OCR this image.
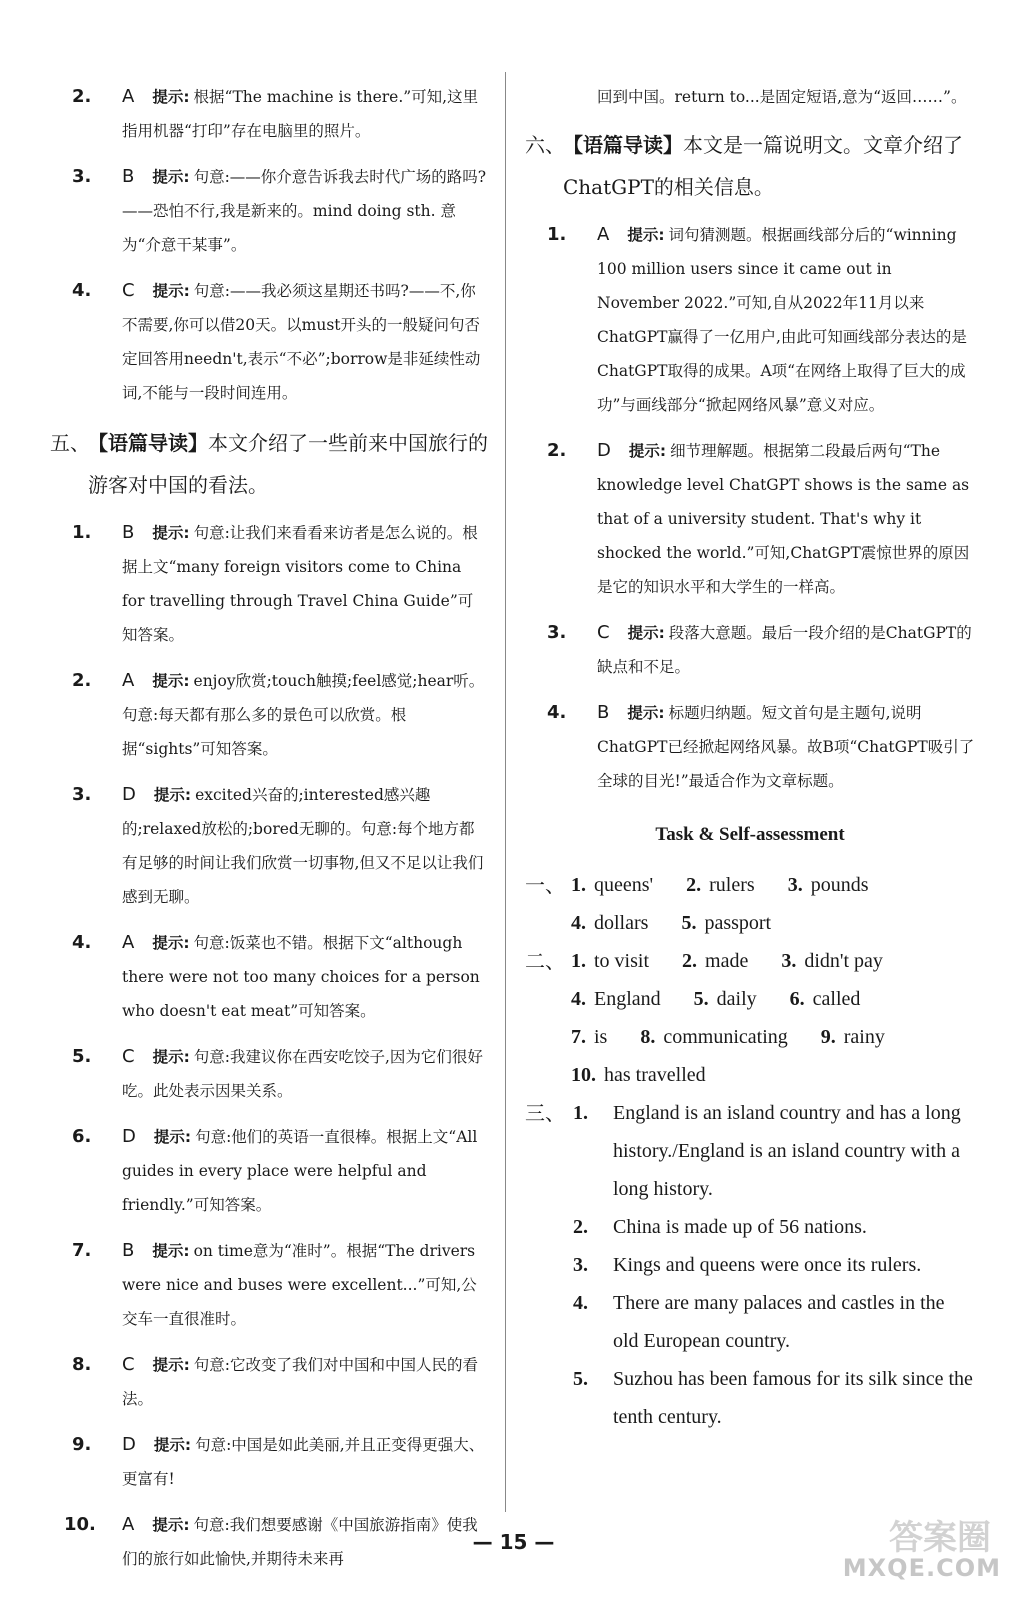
2. A 提示: 根据“The machine is there.”可知,这里指用机器“打印”存在电脑里的照片。
3. B 提示: 句意:——你介意告诉我去时代广场的路吗?——恐怕不行,我是新来的。mind doing sth. 意为“介意干某事”。
4. C 提示: 句意:——我必须这星期还书吗?——不,你不需要,你可以借20天。以must开头的一般疑问句否定回答用needn't,表示“不必”;borrow是非延续性动词,不能与一段时间连用。
五、
【语篇导读】本文介绍了一些前来中国旅行的游客对中国的看法。
1. B 提示: 句意:让我们来看看来访者是怎么说的。根据上文“many foreign visitors come to China for travelling through Travel China Guide”可知答案。
2. A 提示: enjoy欣赏;touch触摸;feel感觉;hear听。句意:每天都有那么多的景色可以欣赏。根据“sights”可知答案。
3. D 提示: excited兴奋的;interested感兴趣的;relaxed放松的;bored无聊的。句意:每个地方都有足够的时间让我们欣赏一切事物,但又不足以让我们感到无聊。
4. A 提示: 句意:饭菜也不错。根据下文“although there were not too many choices for a person who doesn't eat meat”可知答案。
5. C 提示: 句意:我建议你在西安吃饺子,因为它们很好吃。此处表示因果关系。
6. D 提示: 句意:他们的英语一直很棒。根据上文“All guides in every place were helpful and friendly.”可知答案。
7. B 提示: on time意为“准时”。根据“The drivers were nice and buses were excellent...”可知,公交车一直很准时。
8. C 提示: 句意:它改变了我们对中国和中国人民的看法。
9. D 提示: 句意:中国是如此美丽,并且正变得更强大、更富有!
10. A 提示: 句意:我们想要感谢《中国旅游指南》使我们的旅行如此愉快,并期待未来再
回到中国。return to...是固定短语,意为“返回……”。
六、
【语篇导读】本文是一篇说明文。文章介绍了ChatGPT的相关信息。
1. A 提示: 词句猜测题。根据画线部分后的“winning 100 million users since it came out in November 2022.”可知,自从2022年11月以来ChatGPT赢得了一亿用户,由此可知画线部分表达的是ChatGPT取得的成果。A项“在网络上取得了巨大的成功”与画线部分“掀起网络风暴”意义对应。
2. D 提示: 细节理解题。根据第二段最后两句“The knowledge level ChatGPT shows is the same as that of a university student. That's why it shocked the world.”可知,ChatGPT震惊世界的原因是它的知识水平和大学生的一样高。
3. C 提示: 段落大意题。最后一段介绍的是ChatGPT的缺点和不足。
4. B 提示: 标题归纳题。短文首句是主题句,说明ChatGPT已经掀起网络风暴。故B项“ChatGPT吸引了全球的目光!”最适合作为文章标题。
Task & Self-assessment
一、 1. queens' 2. rulers 3. pounds
4. dollars 5. passport
二、 1. to visit 2. made 3. didn't pay
4. England 5. daily 6. called
7. is 8. communicating 9. rainy
10. has travelled
三、 1. England is an island country and has a long history./England is an island country with a long history.
2. China is made up of 56 nations.
3. Kings and queens were once its rulers.
4. There are many palaces and castles in the old European country.
5. Suzhou has been famous for its silk since the tenth century.
— 15 —	答案圈
MXQE.COM
